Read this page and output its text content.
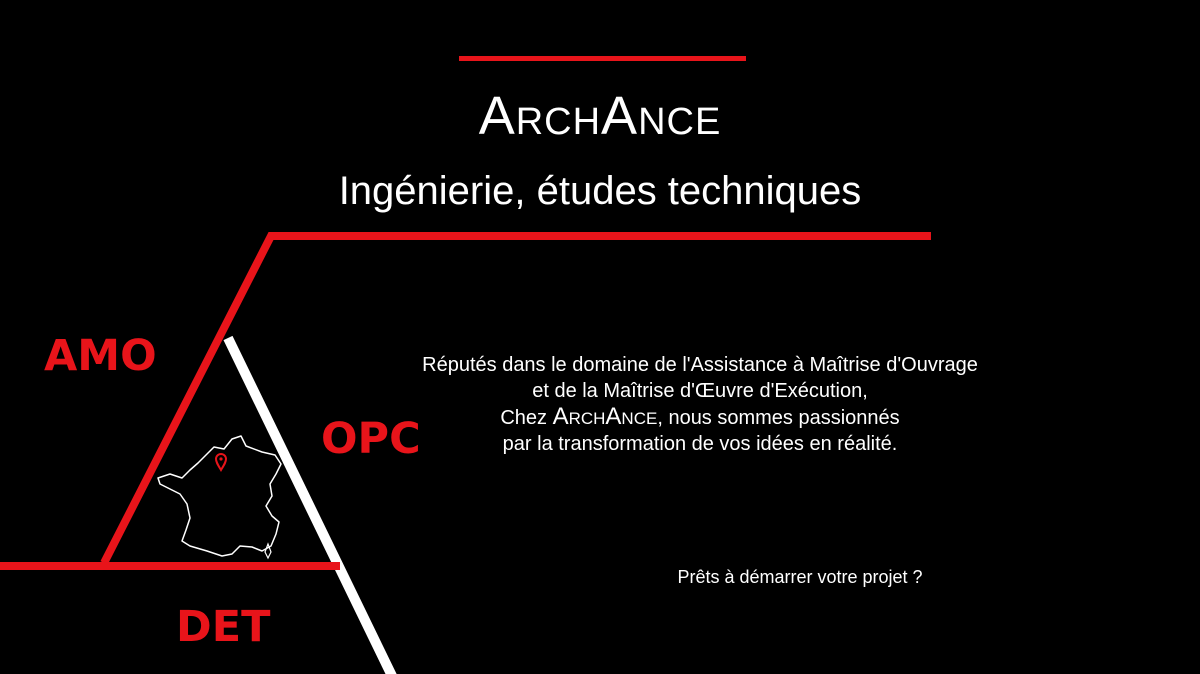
ArchAnce
Ingénierie, études techniques
AMO
OPC
DET

Réputés dans le domaine de l'Assistance à Maîtrise d'Ouvrage

et de la Maîtrise d'Œuvre d'Exécution,

Chez ArchAnce, nous sommes passionnés

par la transformation de vos idées en réalité.

Prêts à démarrer votre projet ?
